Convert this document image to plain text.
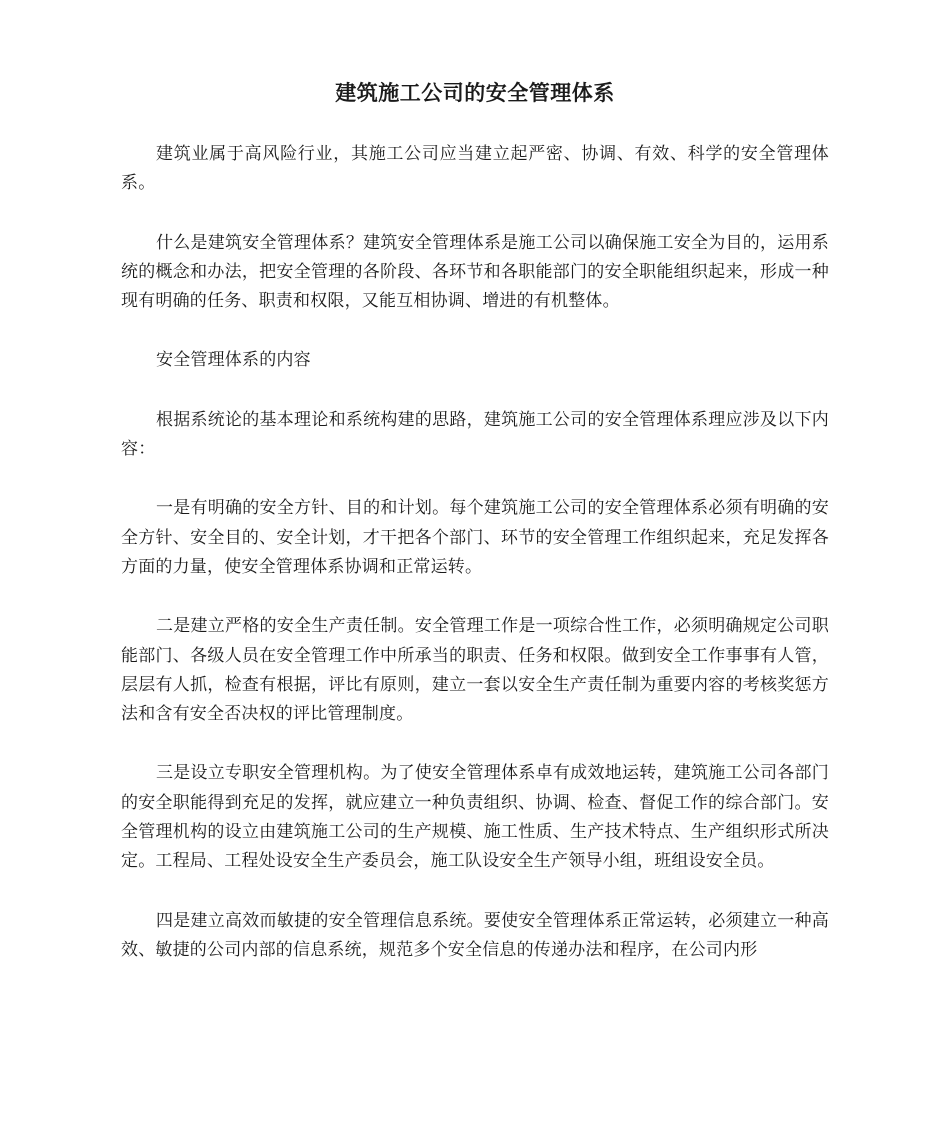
建筑施工公司的安全管理体系

建筑业属于高风险行业，其施工公司应当建立起严密、协调、有效、科学的安全管理体系。

什么是建筑安全管理体系？建筑安全管理体系是施工公司以确保施工安全为目的，运用系统的概念和办法，把安全管理的各阶段、各环节和各职能部门的安全职能组织起来，形成一种现有明确的任务、职责和权限，又能互相协调、增进的有机整体。

安全管理体系的内容

根据系统论的基本理论和系统构建的思路，建筑施工公司的安全管理体系理应涉及以下内容：

一是有明确的安全方针、目的和计划。每个建筑施工公司的安全管理体系必须有明确的安全方针、安全目的、安全计划，才干把各个部门、环节的安全管理工作组织起来，充足发挥各方面的力量，使安全管理体系协调和正常运转。

二是建立严格的安全生产责任制。安全管理工作是一项综合性工作，必须明确规定公司职能部门、各级人员在安全管理工作中所承当的职责、任务和权限。做到安全工作事事有人管，层层有人抓，检查有根据，评比有原则，建立一套以安全生产责任制为重要内容的考核奖惩方法和含有安全否决权的评比管理制度。

三是设立专职安全管理机构。为了使安全管理体系卓有成效地运转，建筑施工公司各部门的安全职能得到充足的发挥，就应建立一种负责组织、协调、检查、督促工作的综合部门。安全管理机构的设立由建筑施工公司的生产规模、施工性质、生产技术特点、生产组织形式所决定。工程局、工程处设安全生产委员会，施工队设安全生产领导小组，班组设安全员。

四是建立高效而敏捷的安全管理信息系统。要使安全管理体系正常运转，必须建立一种高效、敏捷的公司内部的信息系统，规范多个安全信息的传递办法和程序，在公司内形
